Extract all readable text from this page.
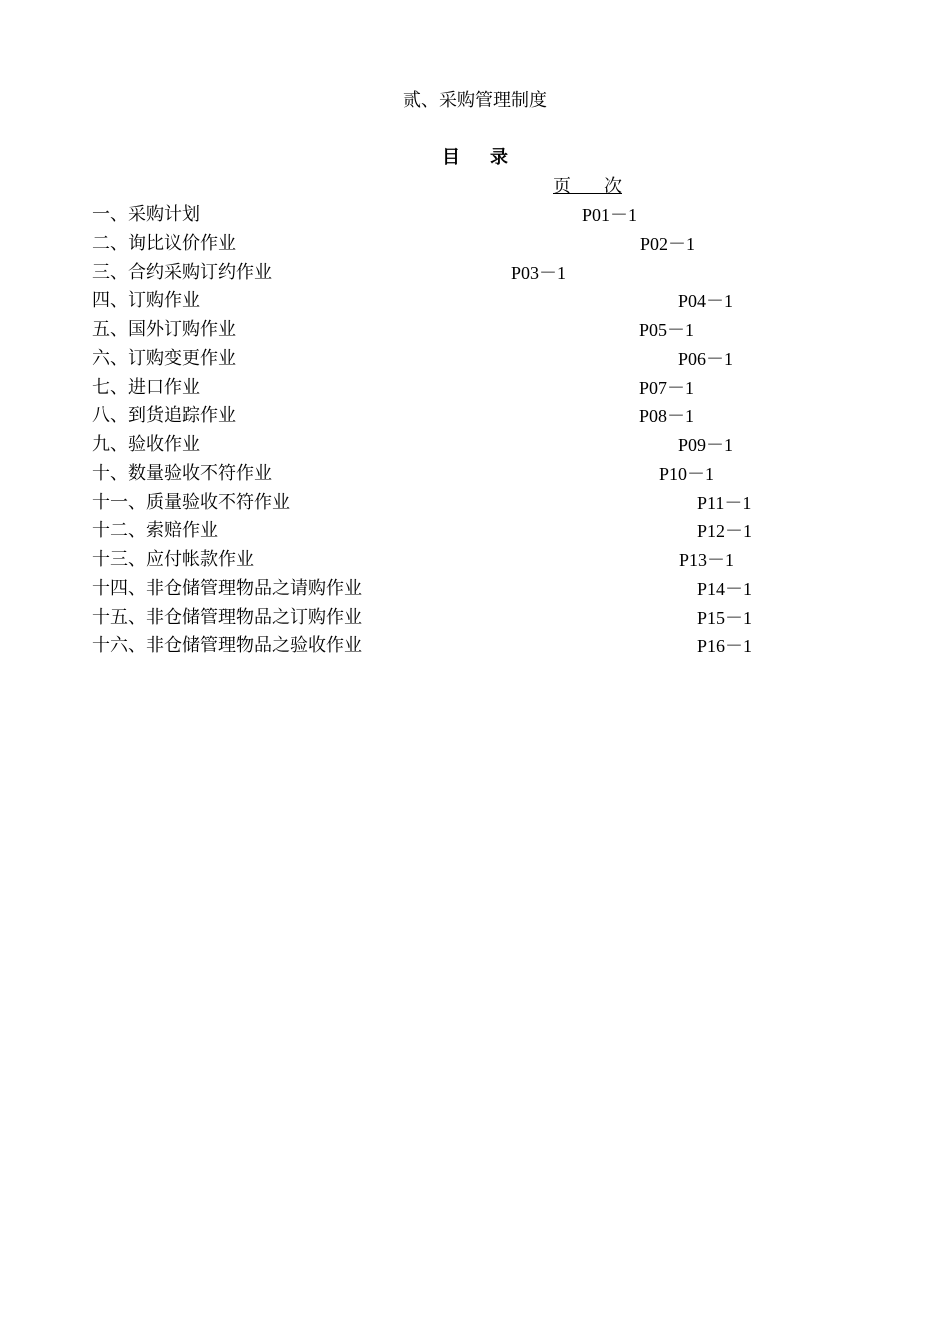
贰、采购管理制度
目录
页次
一、采购计划	P01－1
二、询比议价作业	P02－1
三、合约采购订约作业	P03－1
四、订购作业	P04－1
五、国外订购作业	P05－1
六、订购变更作业	P06－1
七、进口作业	P07－1
八、到货追踪作业	P08－1
九、验收作业	P09－1
十、数量验收不符作业	P10－1
十一、质量验收不符作业	P11－1
十二、索赔作业	P12－1
十三、应付帐款作业	P13－1
十四、非仓储管理物品之请购作业	P14－1
十五、非仓储管理物品之订购作业	P15－1
十六、非仓储管理物品之验收作业	P16－1
